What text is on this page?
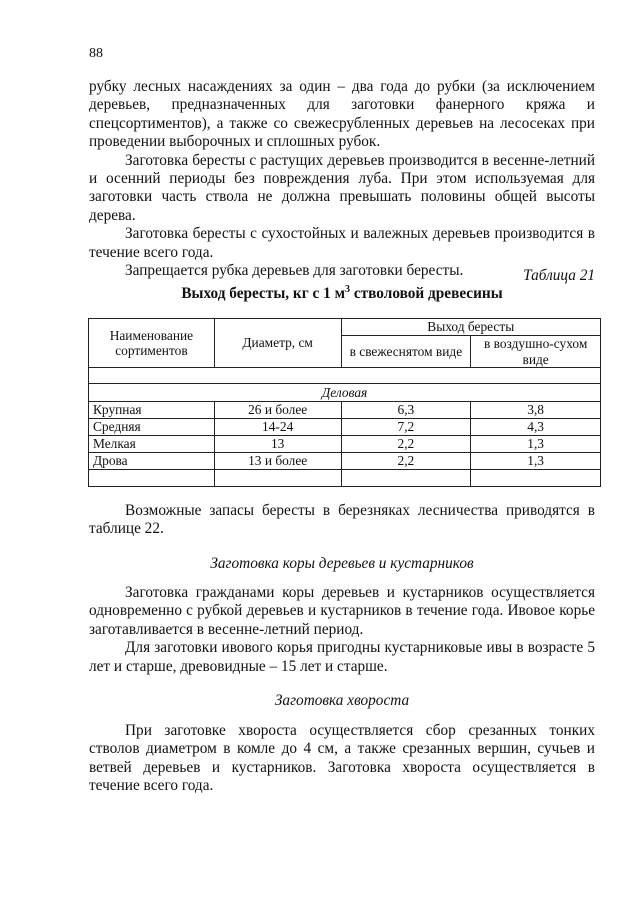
88

рубку лесных насаждениях за один – два года до рубки (за исключением деревьев, предназначенных для заготовки фанерного кряжа и спецсортиментов), а также со свежесрубленных деревьев на лесосеках при проведении выборочных и сплошных рубок.

Заготовка бересты с растущих деревьев производится в весенне-летний и осенний периоды без повреждения луба. При этом используемая для заготовки часть ствола не должна превышать половины общей высоты дерева.

Заготовка бересты с сухостойных и валежных деревьев производится в течение всего года.

Запрещается рубка деревьев для заготовки бересты.	Таблица 21
Выход бересты, кг с 1 $м^3$ стволовой древесины
Наименование сортиментов	Диаметр, см	Выход бересты	
		в свежеснятом виде	в воздушно-сухом виде

Деловая			
Крупная	26 и более	6,3	3,8
Средняя	14-24	7,2	4,3
Мелкая	13	2,2	1,3
Дрова	13 и более	2,2	1,3

Возможные запасы бересты в березняках лесничества приводятся в таблице 22.

Заготовка коры деревьев и кустарников

Заготовка гражданами коры деревьев и кустарников осуществляется одновременно с рубкой деревьев и кустарников в течение года. Ивовое корье заготавливается в весенне-летний период.

Для заготовки ивового корья пригодны кустарниковые ивы в возрасте 5 лет и старше, древовидные – 15 лет и старше.

Заготовка хвороста

При заготовке хвороста осуществляется сбор срезанных тонких стволов диаметром в комле до 4 см, а также срезанных вершин, сучьев и ветвей деревьев и кустарников. Заготовка хвороста осуществляется в течение всего года.
